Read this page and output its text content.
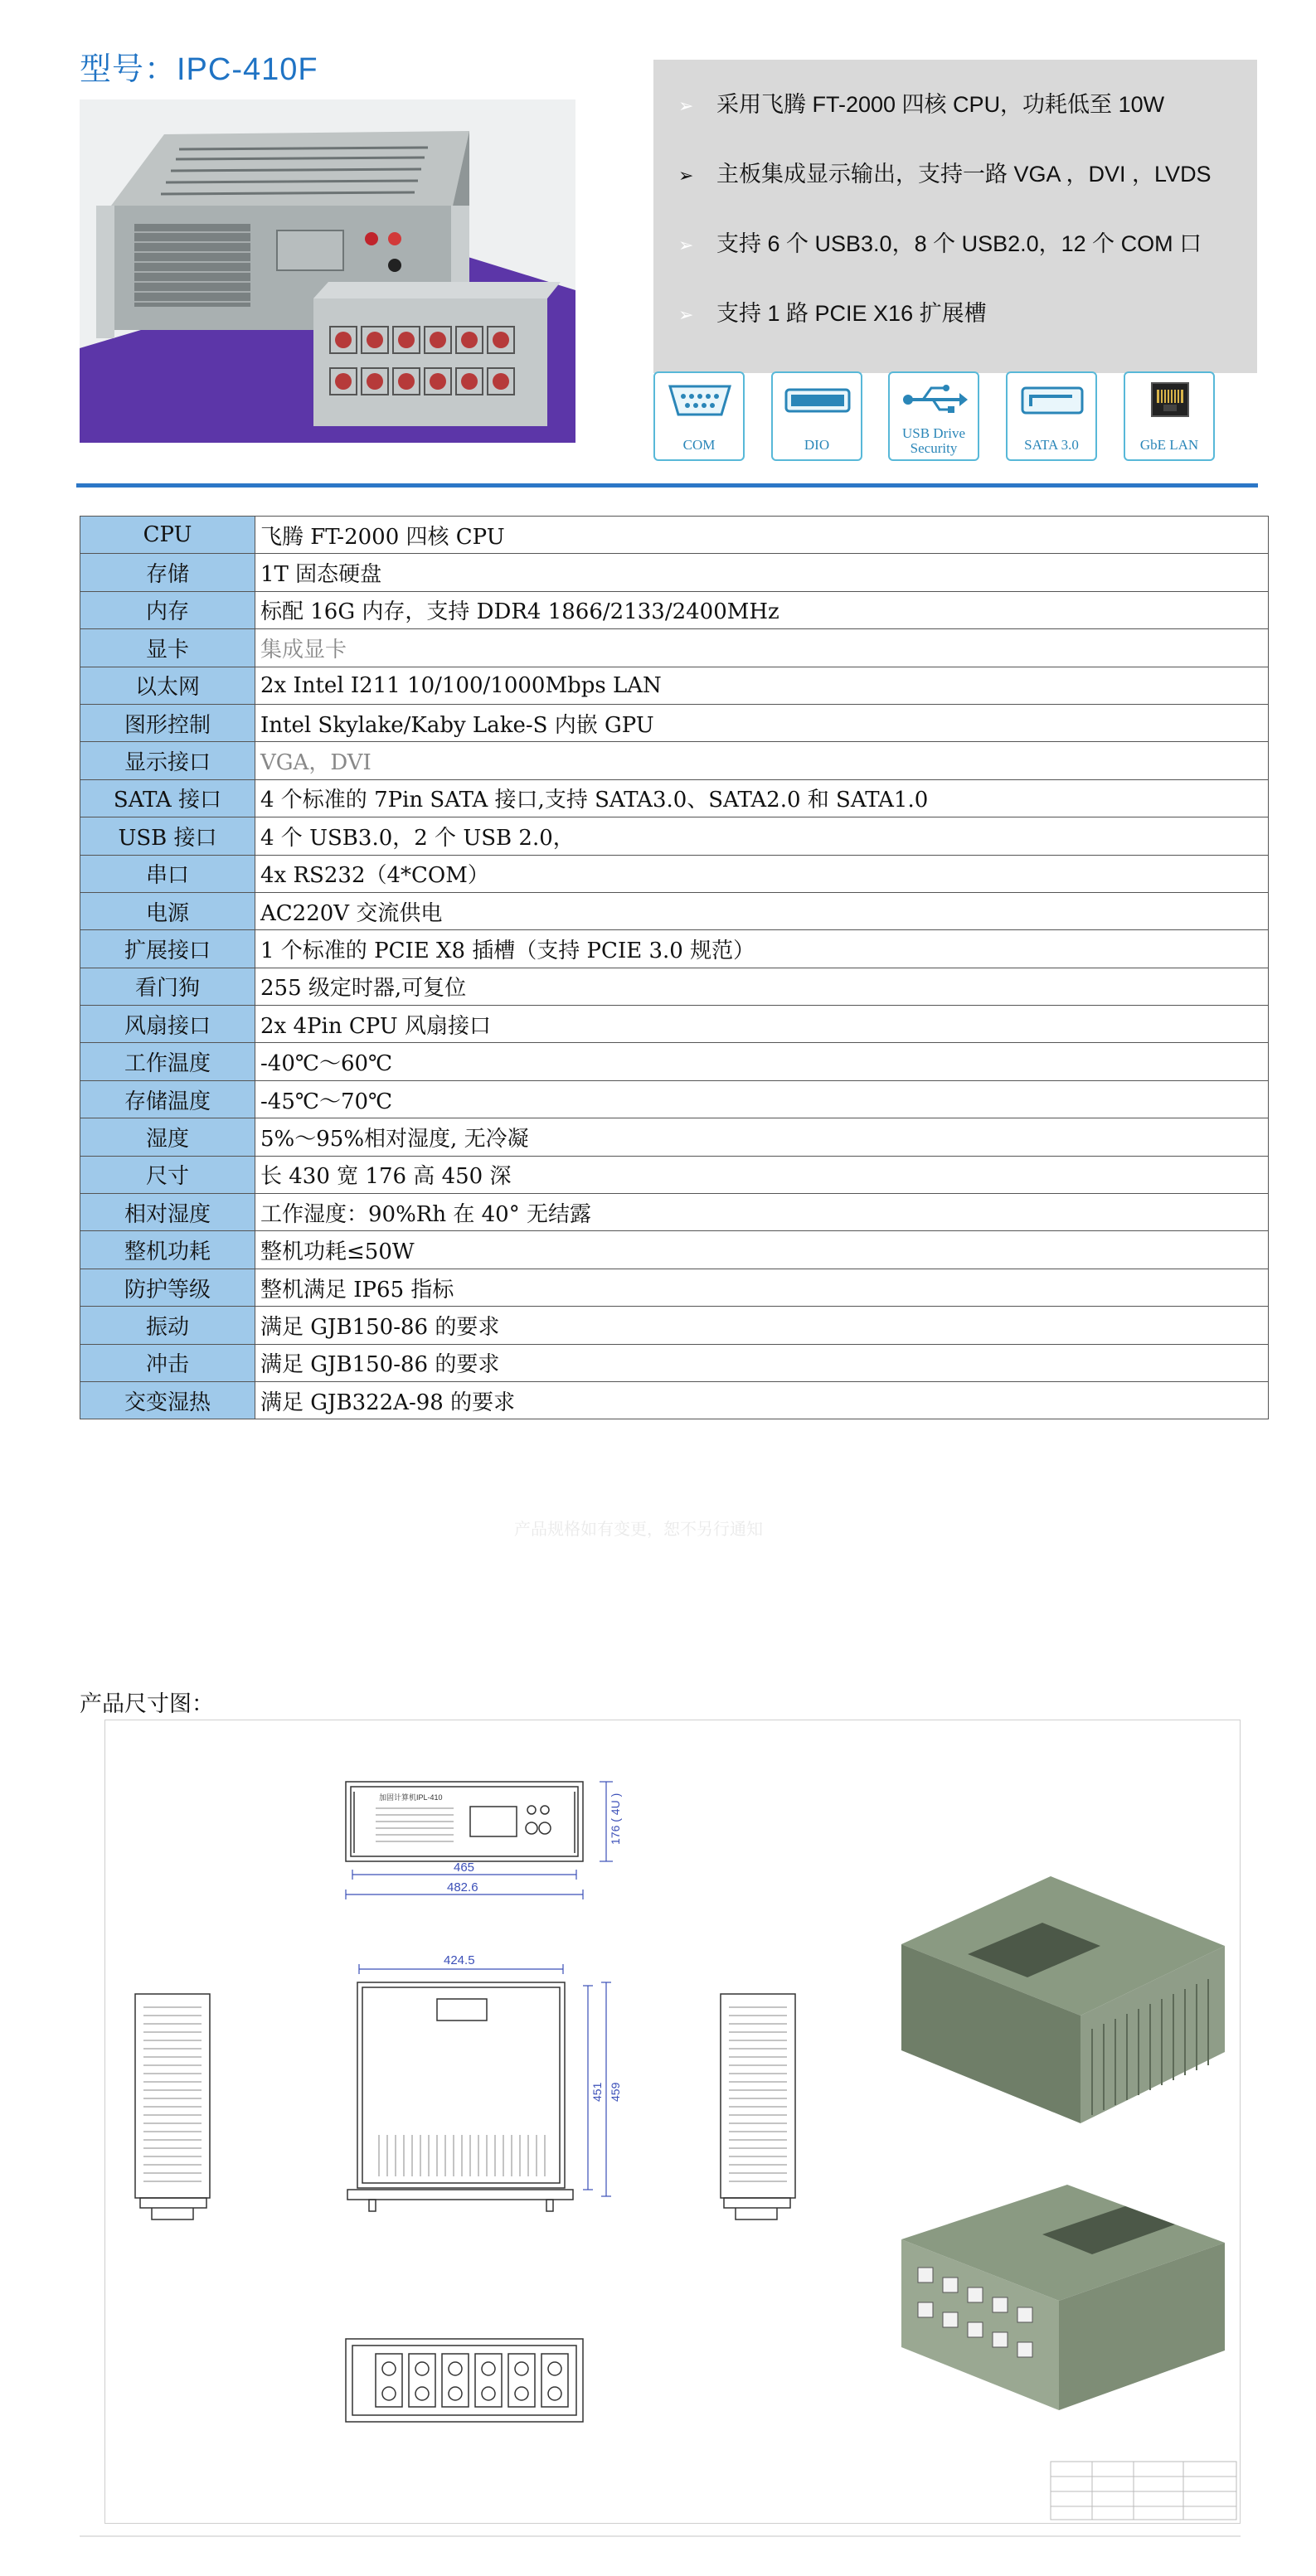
型号：IPC-410F
➢ 采用飞腾 FT-2000 四核 CPU，功耗低至 10W
➢ 主板集成显示输出，支持一路 VGA ，DVI ，LVDS
➢ 支持 6 个 USB3.0，8 个 USB2.0，12 个 COM 口
➢ 支持 1 路 PCIE X16 扩展槽
COM	DIO
USB Drive
Security	SATA 3.0	GbE LAN
CPU	飞腾 FT-2000 四核 CPU
存储	1T 固态硬盘
内存	标配 16G 内存，支持 DDR4 1866/2133/2400MHz
显卡	集成显卡
以太网	2x Intel I211 10/100/1000Mbps LAN
图形控制	Intel Skylake/Kaby Lake-S 内嵌 GPU
显示接口	VGA，DVI
SATA 接口	4 个标准的 7Pin SATA 接口,支持 SATA3.0、SATA2.0 和 SATA1.0
USB 接口	4 个 USB3.0，2 个 USB 2.0，
串口	4x RS232（4*COM）
电源	AC220V 交流供电
扩展接口	1 个标准的 PCIE X8 插槽（支持 PCIE 3.0 规范）
看门狗	255 级定时器,可复位
风扇接口	2x 4Pin CPU 风扇接口
工作温度	-40℃～60℃
存储温度	-45℃～70℃
湿度	5%～95%相对湿度, 无冷凝
尺寸	长 430 宽 176 高 450 深
相对湿度	工作湿度：90%Rh 在 40° 无结露
整机功耗	整机功耗≤50W
防护等级	整机满足 IP65 指标
振动	满足 GJB150-86 的要求
冲击	满足 GJB150-86 的要求
交变湿热	满足 GJB322A-98 的要求
产品规格如有变更，恕不另行通知
产品尺寸图：
加固计算机IPL-410	176 ( 4U )
465
482.6
424.5
451 459
